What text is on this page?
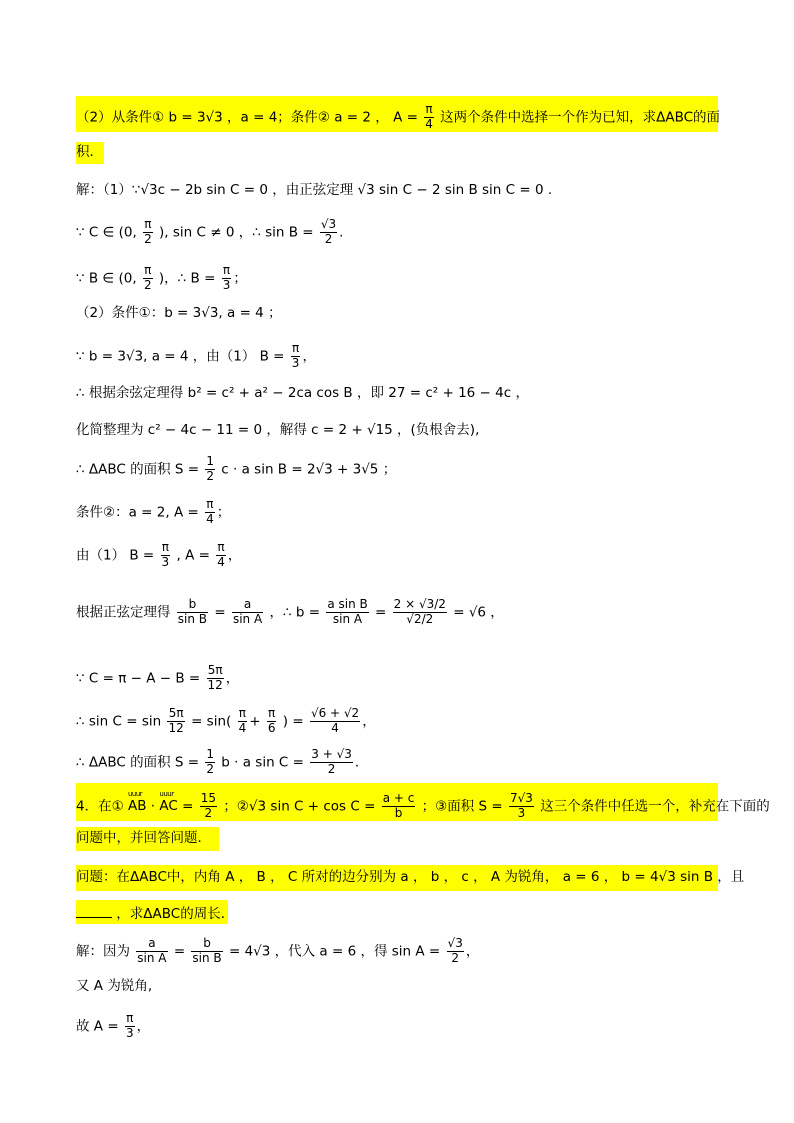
（2）从条件① b = 3√3 ，a = 4；条件② a = 2 ， $A = \frac{\pi}{4}$ 这两个条件中选择一个作为已知，求ΔABC的面
积．
解：（1）∵√3c − 2b sin C = 0 ，由正弦定理 √3 sin C − 2 sin B sin C = 0 .
∵ C ∈ (0, $\frac{\pi}{2}$ ), sin C ≠ 0 ，∴ $\sin B = \frac{√3}{2}$ .
∵ B ∈ (0, $\frac{\pi}{2}$ )，∴ $B = \frac{\pi}{3}$ ；
（2）条件①：b = 3√3, a = 4 ；
∵ b = 3√3, a = 4 ，由（1） $B = \frac{\pi}{3}$ ，
∴ 根据余弦定理得 b² = c² + a² − 2ca cos B ，即 27 = c² + 16 − 4c ，
化简整理为 c² − 4c − 11 = 0 ，解得 c = 2 + √15 ，(负根舍去),
∴ ΔABC 的面积 $S = \frac{1}{2}$ c · a sin B = 2√3 + 3√5 ；
条件②：a = 2, $A = \frac{\pi}{4}$ ；
由（1） $B = \frac{\pi}{3}$ , $A = \frac{\pi}{4}$ ，
根据正弦定理得 $\frac{b}{\text{sin B}} = \frac{a}{\text{sin A}}$ ，∴ $b = \frac{\text{a sin B}}{\text{sin A}} = \frac{2 \times √3/2}{√2/2} = √6$ ，
∵ $C = \pi - A - B = \frac{5\pi}{12}$ ，
∴ $\sin C = \sin \frac{5\pi}{12} = \sin( \frac{\pi}{4} + \frac{\pi}{6}$ ) = $\frac{√6 + √2}{4}$ ，
∴ ΔABC 的面积 $S = \frac{1}{2}$ b · a $\sin C = \frac{3 + √3}{2}$ .
4．在① uuur AB · uuur AC = $\frac{15}{2}$ ；②√3 $\sin C + \cos C = \frac{a + c}{b}$ ；③面积 $S = \frac{7√3}{3}$ 这三个条件中任选一个，补充在下面的
问题中，并回答问题．
问题：在ΔABC中，内角 A ， B ， C 所对的边分别为 a ， b ， c ， A 为锐角， a = 6 ， b = 4√3 sin B ，且
，求ΔABC的周长．
解：因为 $\frac{a}{\text{sin A}} = \frac{b}{\text{sin B}} = 4√3$ ，代入 a = 6 ，得 $\sin A = \frac{√3}{2}$ ，
又 A 为锐角,
故 $A = \frac{\pi}{3}$ ，
